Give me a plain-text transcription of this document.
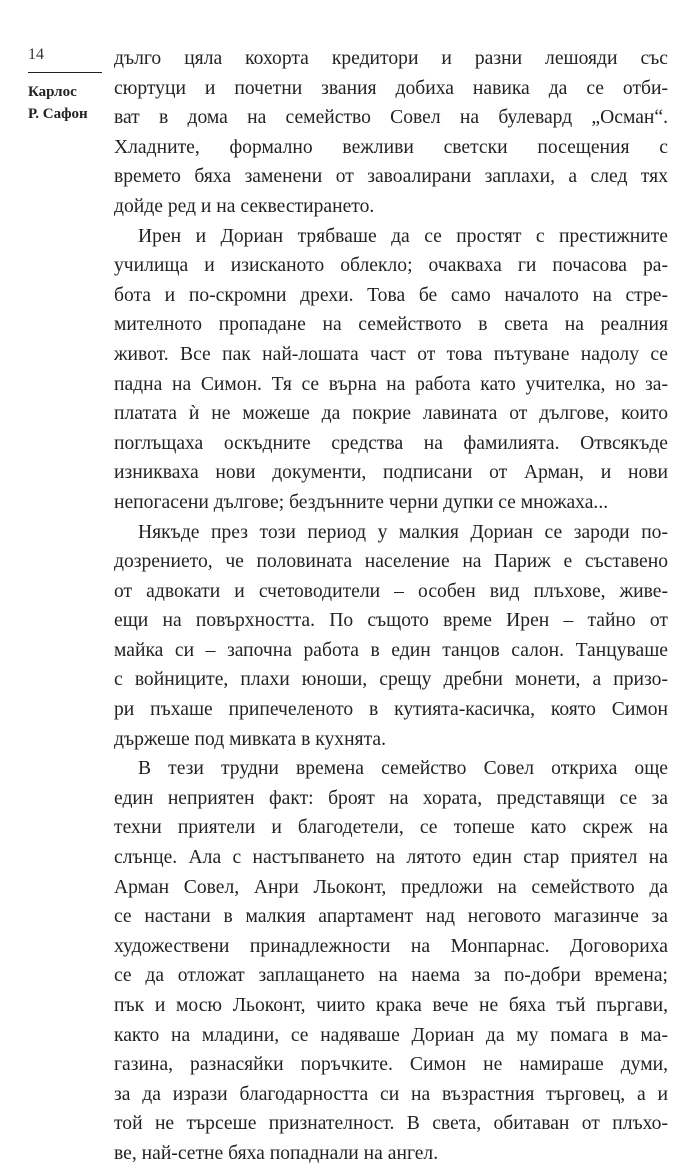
14
Карлос
Р. Сафон
дълго цяла кохорта кредитори и разни лешояди със
сюртуци и почетни звания добиха навика да се отби-
ват в дома на семейство Совел на булевард „Осман“.
Хладните, формално вежливи светски посещения с
времето бяха заменени от завоалирани заплахи, а след тях
дойде ред и на секвестирането.
Ирен и Дориан трябваше да се простят с престижните
училища и изисканото облекло; очакваха ги почасова ра-
бота и по-скромни дрехи. Това бе само началото на стре-
мителното пропадане на семейството в света на реалния
живот. Все пак най-лошата част от това пътуване надолу се
падна на Симон. Тя се върна на работа като учителка, но за-
платата ѝ не можеше да покрие лавината от дългове, които
поглъщаха оскъдните средства на фамилията. Отвсякъде
изникваха нови документи, подписани от Арман, и нови
непогасени дългове; бездънните черни дупки се множаха...
Някъде през този период у малкия Дориан се зароди по-
дозрението, че половината население на Париж е съставено
от адвокати и счетоводители – особен вид плъхове, живе-
ещи на повърхността. По същото време Ирен – тайно от
майка си – започна работа в един танцов салон. Танцуваше
с войниците, плахи юноши, срещу дребни монети, а призо-
ри пъхаше припечеленото в кутията-касичка, която Симон
държеше под мивката в кухнята.
В тези трудни времена семейство Совел откриха още
един неприятен факт: броят на хората, представящи се за
техни приятели и благодетели, се топеше като скреж на
слънце. Ала с настъпването на лятото един стар приятел на
Арман Совел, Анри Льоконт, предложи на семейството да
се настани в малкия апартамент над неговото магазинче за
художествени принадлежности на Монпарнас. Договориха
се да отложат заплащането на наема за по-добри времена;
пък и мосю Льоконт, чиито крака вече не бяха тъй пъргави,
както на младини, се надяваше Дориан да му помага в ма-
газина, разнасяйки поръчките. Симон не намираше думи,
за да изрази благодарността си на възрастния търговец, а и
той не търсеше признателност. В света, обитаван от плъхо-
ве, най-сетне бяха попаднали на ангел.
